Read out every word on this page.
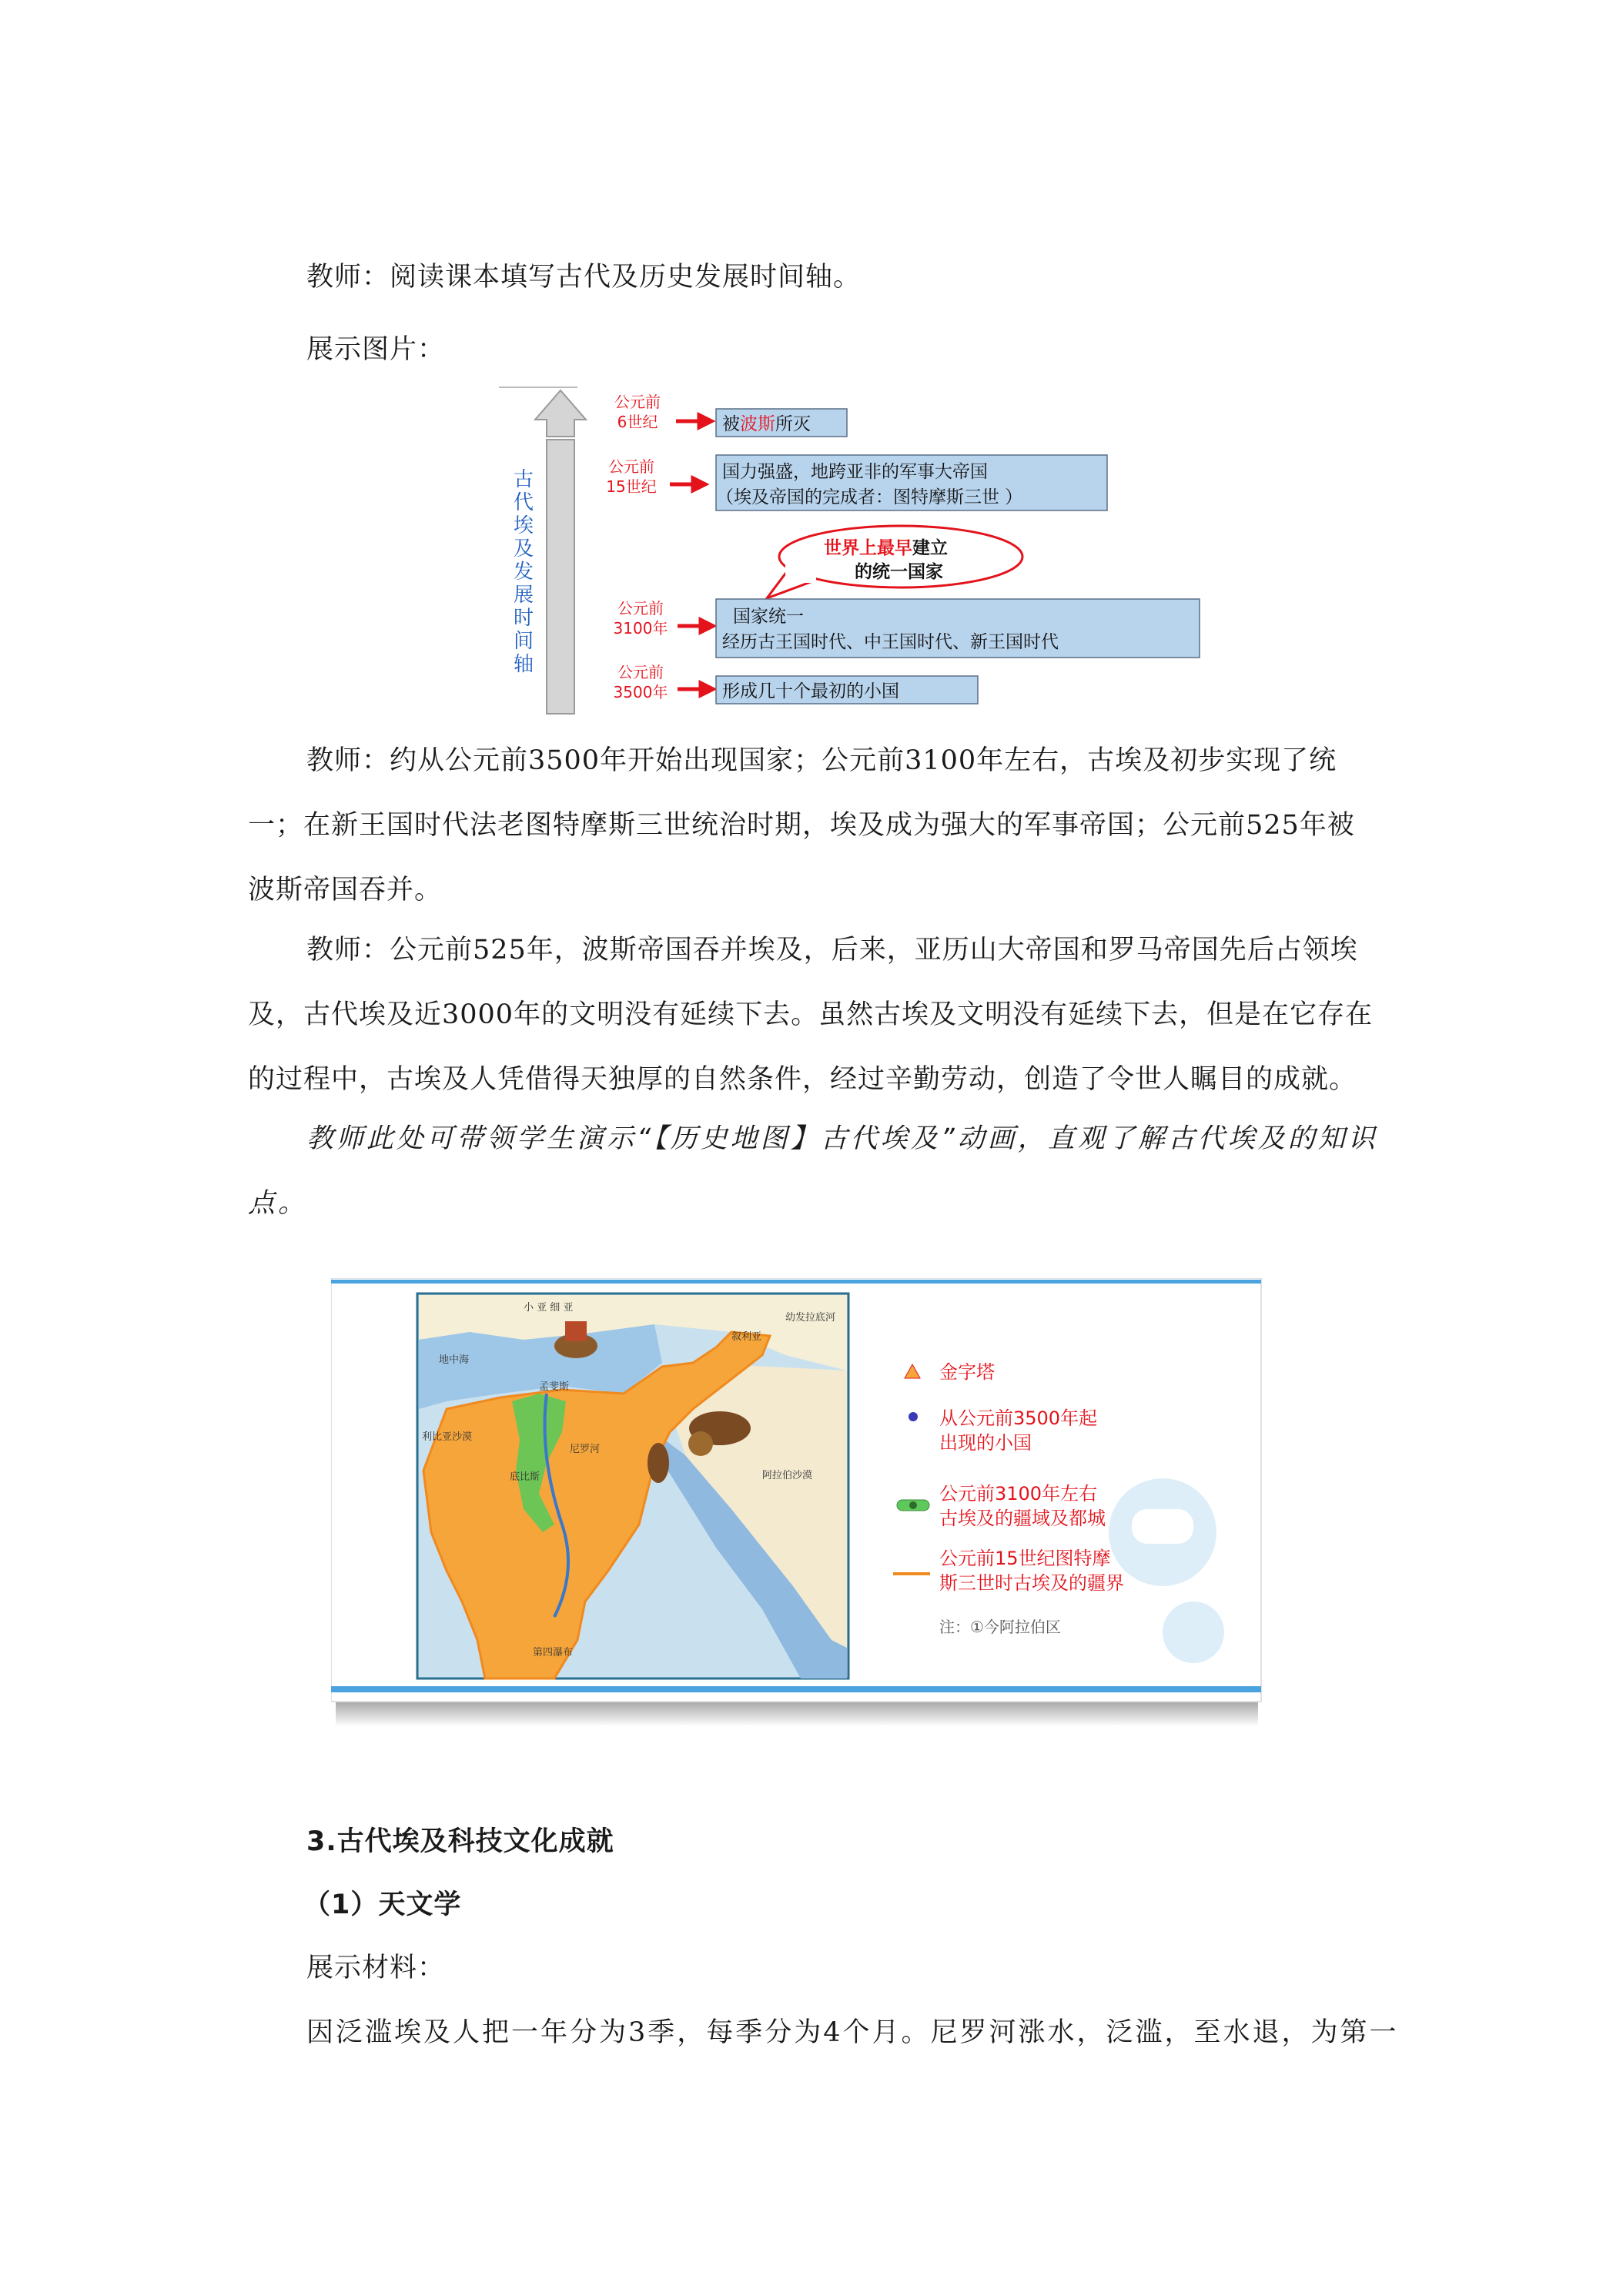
教师：阅读课本填写古代及历史发展时间轴。
展示图片：
古
代
埃
及
发
展
时
间
轴
公元前
6世纪
公元前
15世纪
公元前
3100年
公元前
3500年
被波斯所灭
国力强盛，地跨亚非的军事大帝国
（埃及帝国的完成者：图特摩斯三世 ）
世界上最早建立
的统一国家
国家统一
经历古王国时代、中王国时代、新王国时代
形成几十个最初的小国
教师：约从公元前3500年开始出现国家；公元前3100年左右，古埃及初步实现了统一；在新王国时代法老图特摩斯三世统治时期，埃及成为强大的军事帝国；公元前525年被波斯帝国吞并。
教师：公元前525年，波斯帝国吞并埃及，后来，亚历山大帝国和罗马帝国先后占领埃及，古代埃及近3000年的文明没有延续下去。虽然古埃及文明没有延续下去，但是在它存在的过程中，古埃及人凭借得天独厚的自然条件，经过辛勤劳动，创造了令世人瞩目的成就。
教师此处可带领学生演示“【历史地图】古代埃及”动画，直观了解古代埃及的知识点。
小 亚 细 亚
叙利亚
幼发拉底河
地中海
利比亚沙漠
孟斐斯
底比斯	阿拉伯沙漠
第四瀑布
尼罗河
金字塔
从公元前3500年起
出现的小国
公元前3100年左右
古埃及的疆域及都城
公元前15世纪图特摩
斯三世时古埃及的疆界
注：①今阿拉伯区
3.古代埃及科技文化成就
（1）天文学
展示材料：
因泛滥埃及人把一年分为3季，每季分为4个月。尼罗河涨水，泛滥，至水退，为第一
